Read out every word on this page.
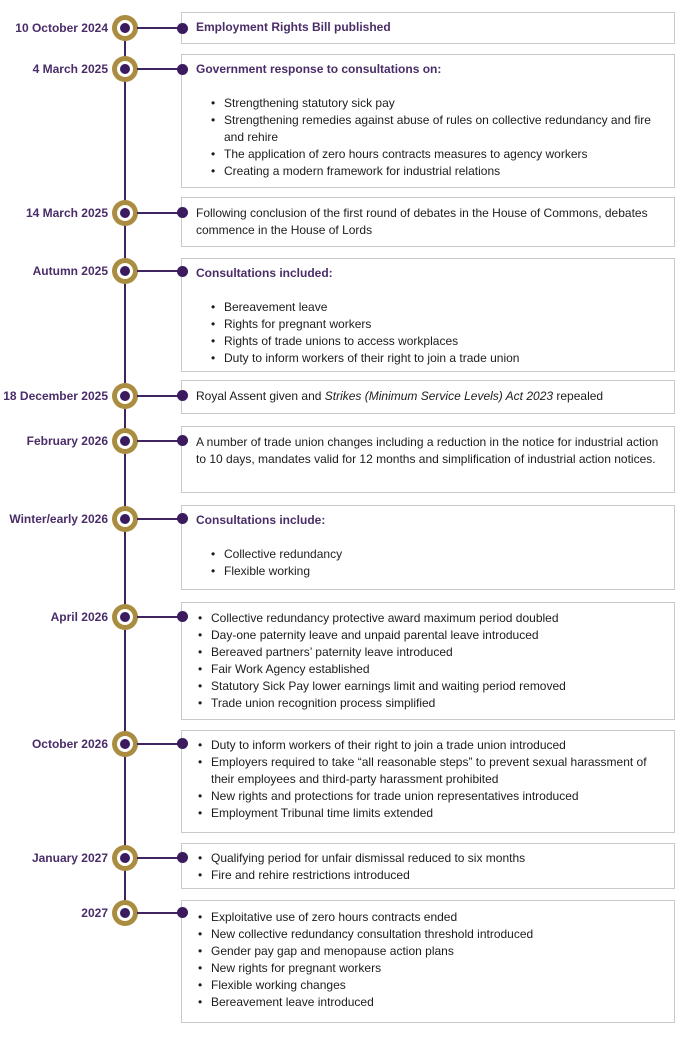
10 October 2024	Employment Rights Bill published
4 March 2025	Government response to consultations on:
• Strengthening statutory sick pay
• Strengthening remedies against abuse of rules on collective redundancy and fire and rehire
• The application of zero hours contracts measures to agency workers
• Creating a modern framework for industrial relations
14 March 2025	Following conclusion of the first round of debates in the House of Commons, debates commence in the House of Lords
Autumn 2025	Consultations included:
• Bereavement leave
• Rights for pregnant workers
• Rights of trade unions to access workplaces
• Duty to inform workers of their right to join a trade union
18 December 2025	Royal Assent given and Strikes (Minimum Service Levels) Act 2023 repealed
February 2026	A number of trade union changes including a reduction in the notice for industrial action to 10 days, mandates valid for 12 months and simplification of industrial action notices.
Winter/early 2026	Consultations include:
• Collective redundancy
• Flexible working
April 2026	• Collective redundancy protective award maximum period doubled
• Day-one paternity leave and unpaid parental leave introduced
• Bereaved partners’ paternity leave introduced
• Fair Work Agency established
• Statutory Sick Pay lower earnings limit and waiting period removed
• Trade union recognition process simplified
October 2026	• Duty to inform workers of their right to join a trade union introduced
• Employers required to take “all reasonable steps” to prevent sexual harassment of their employees and third-party harassment prohibited
• New rights and protections for trade union representatives introduced
• Employment Tribunal time limits extended
January 2027	• Qualifying period for unfair dismissal reduced to six months
• Fire and rehire restrictions introduced
2027	• Exploitative use of zero hours contracts ended
• New collective redundancy consultation threshold introduced
• Gender pay gap and menopause action plans
• New rights for pregnant workers
• Flexible working changes
• Bereavement leave introduced
